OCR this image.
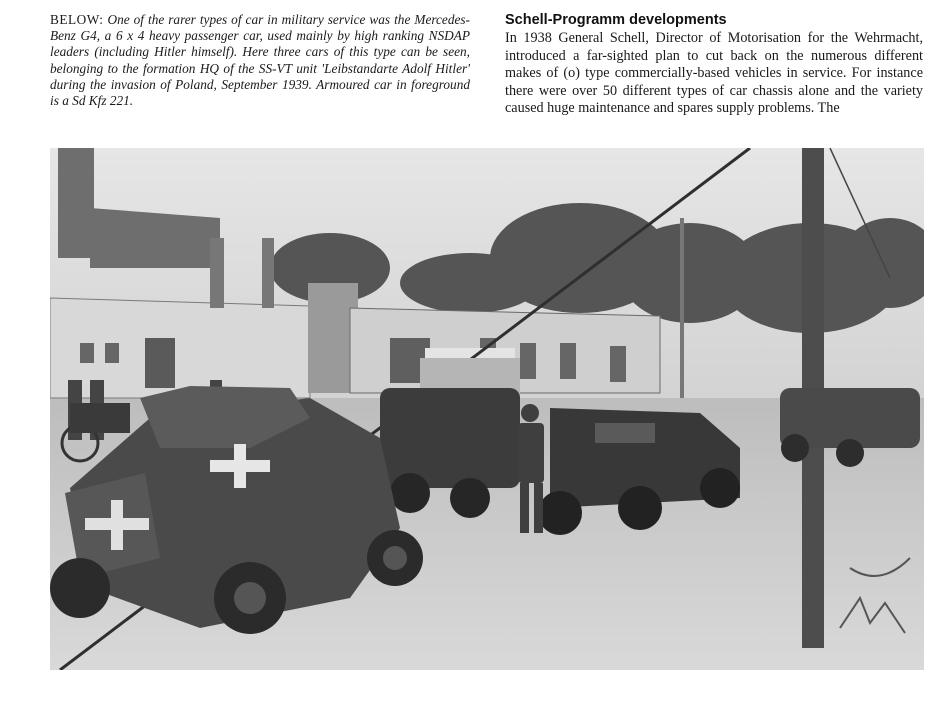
BELOW: One of the rarer types of car in military service was the Mercedes-Benz G4, a 6 x 4 heavy passenger car, used mainly by high ranking NSDAP leaders (including Hitler himself). Here three cars of this type can be seen, belonging to the formation HQ of the SS-VT unit 'Leibstandarte Adolf Hitler' during the invasion of Poland, September 1939. Armoured car in foreground is a Sd Kfz 221.

Schell-Programm developments

In 1938 General Schell, Director of Motorisation for the Wehrmacht, introduced a far-sighted plan to cut back on the numerous different makes of (o) type commercially-based vehicles in service. For instance there were over 50 different types of car chassis alone and the variety caused huge maintenance and spares supply problems. The
